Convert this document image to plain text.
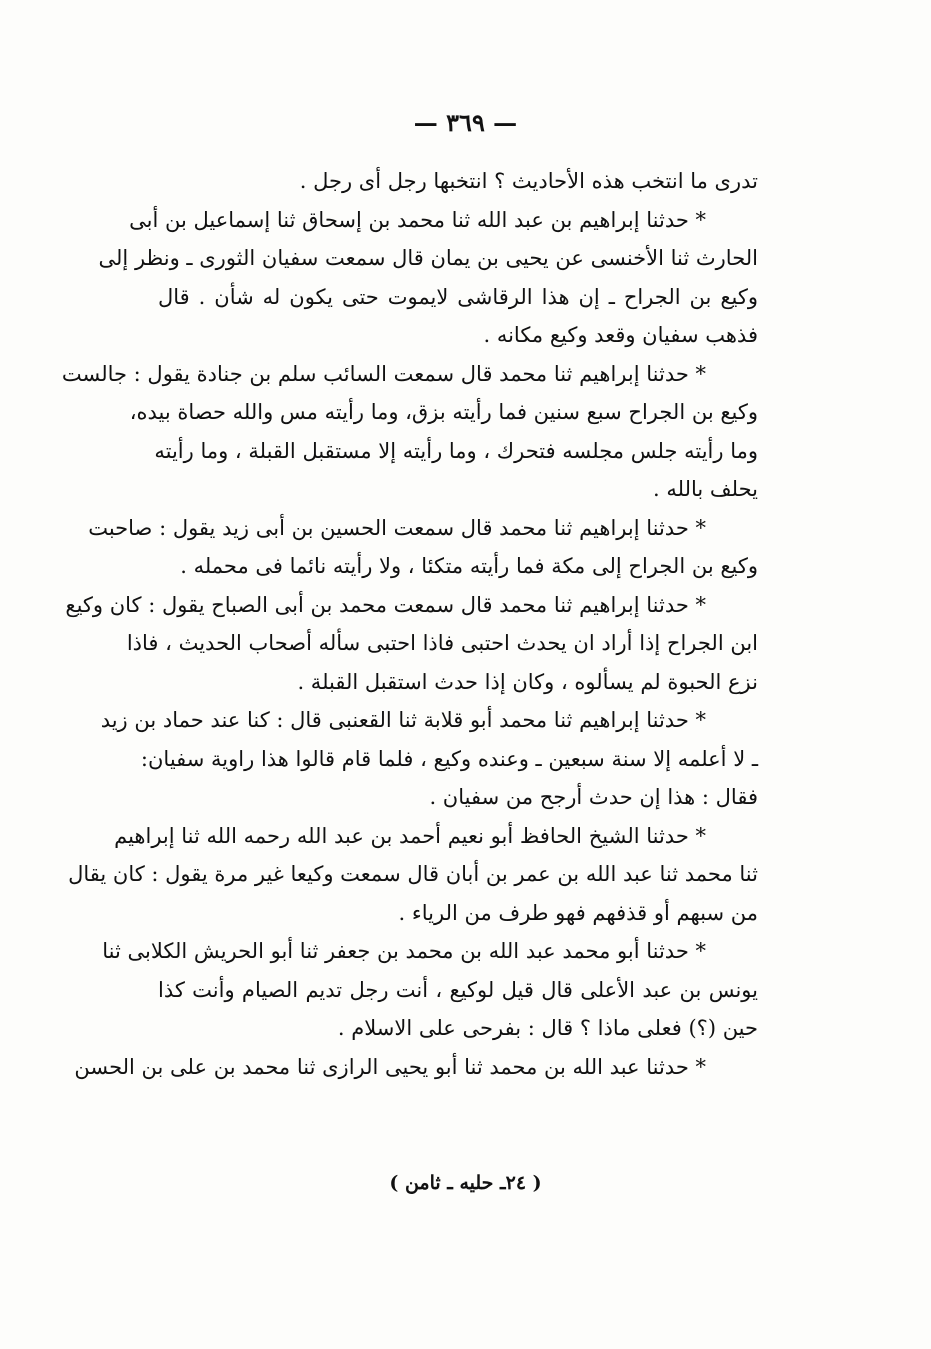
— ٣٦٩ —
تدرى ما انتخب هذه الأحاديث ؟ انتخبها رجل أى رجل .
* حدثنا إبراهيم بن عبد الله ثنا محمد بن إسحاق ثنا إسماعيل بن أبى
الحارث ثنا الأخنسى عن يحيى بن يمان قال سمعت سفيان الثورى ـ ونظر إلى
وكيع بن الجراح ـ إن هذا الرقاشى لايموت حتى يكون له شأن . قال
فذهب سفيان وقعد وكيع مكانه .
* حدثنا إبراهيم ثنا محمد قال سمعت السائب سلم بن جنادة يقول : جالست
وكيع بن الجراح سبع سنين فما رأيته بزق، وما رأيته مس والله حصاة بيده،
وما رأيته جلس مجلسه فتحرك ، وما رأيته إلا مستقبل القبلة ، وما رأيته
يحلف بالله .
* حدثنا إبراهيم ثنا محمد قال سمعت الحسين بن أبى زيد يقول : صاحبت
وكيع بن الجراح إلى مكة فما رأيته متكئا ، ولا رأيته نائما فى محمله .
* حدثنا إبراهيم ثنا محمد قال سمعت محمد بن أبى الصباح يقول : كان وكيع
ابن الجراح إذا أراد ان يحدث احتبى فاذا احتبى سأله أصحاب الحديث ، فاذا
نزع الحبوة لم يسألوه ، وكان إذا حدث استقبل القبلة .
* حدثنا إبراهيم ثنا محمد أبو قلابة ثنا القعنبى قال : كنا عند حماد بن زيد
ـ لا أعلمه إلا سنة سبعين ـ وعنده وكيع ، فلما قام قالوا هذا راوية سفيان:
فقال : هذا إن حدث أرجح من سفيان .
* حدثنا الشيخ الحافظ أبو نعيم أحمد بن عبد الله رحمه الله ثنا إبراهيم
ثنا محمد ثنا عبد الله بن عمر بن أبان قال سمعت وكيعا غير مرة يقول : كان يقال
من سبهم أو قذفهم فهو طرف من الرياء .
* حدثنا أبو محمد عبد الله بن محمد بن جعفر ثنا أبو الحريش الكلابى ثنا
يونس بن عبد الأعلى قال قيل لوكيع ، أنت رجل تديم الصيام وأنت كذا
حين (؟) فعلى ماذا ؟ قال : بفرحى على الاسلام .
* حدثنا عبد الله بن محمد ثنا أبو يحيى الرازى ثنا محمد بن على بن الحسن
( ٢٤ـ حليه ـ ثامن )
